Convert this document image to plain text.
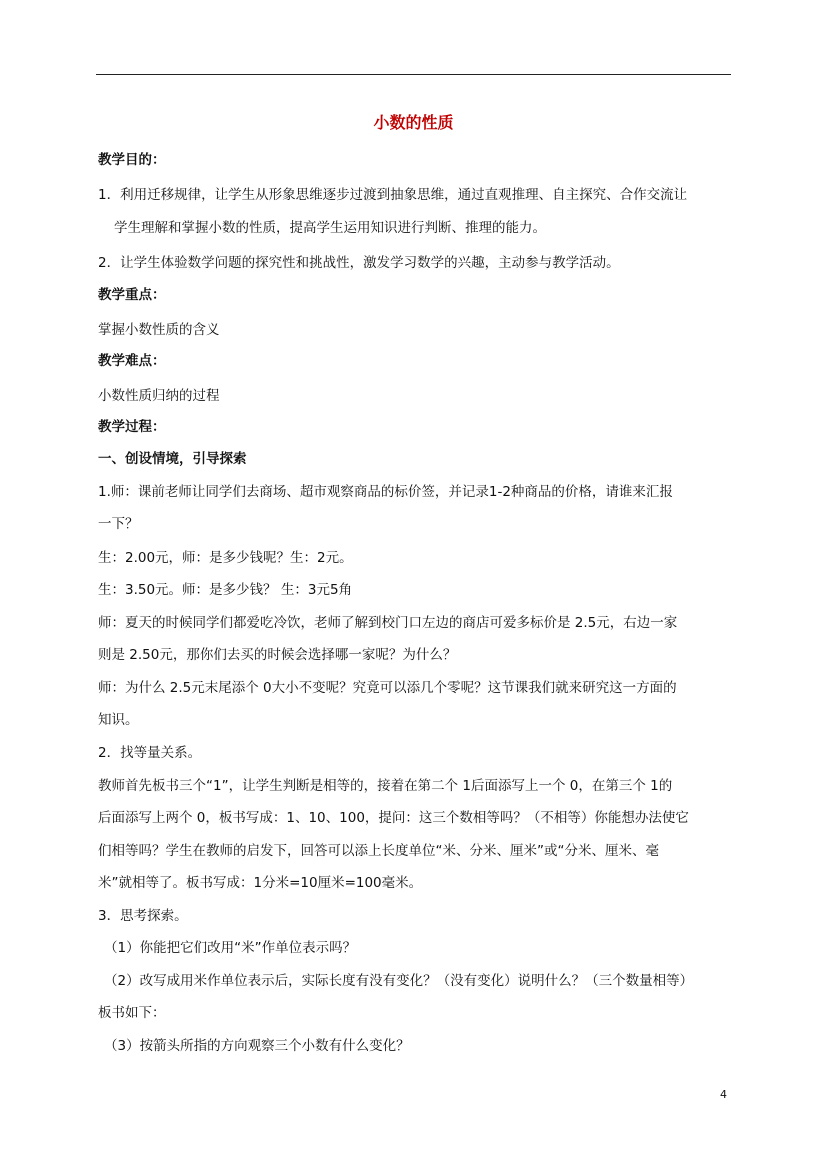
小数的性质
教学目的：
1．利用迁移规律，让学生从形象思维逐步过渡到抽象思维，通过直观推理、自主探究、合作交流让
学生理解和掌握小数的性质，提高学生运用知识进行判断、推理的能力。
2．让学生体验数学问题的探究性和挑战性，激发学习数学的兴趣，主动参与教学活动。
教学重点：
掌握小数性质的含义
教学难点：
小数性质归纳的过程
教学过程：
一、创设情境，引导探索
1.师：课前老师让同学们去商场、超市观察商品的标价签，并记录1-2种商品的价格，请谁来汇报
一下？
生：2.00元，师：是多少钱呢？生：2元。
生：3.50元。师：是多少钱？ 生：3元5角
师：夏天的时候同学们都爱吃冷饮，老师了解到校门口左边的商店可爱多标价是 2.5元，右边一家
则是 2.50元，那你们去买的时候会选择哪一家呢？为什么？
师：为什么 2.5元末尾添个 0大小不变呢？究竟可以添几个零呢？这节课我们就来研究这一方面的
知识。
2．找等量关系。
教师首先板书三个“1”，让学生判断是相等的，接着在第二个 1后面添写上一个 0，在第三个 1的
后面添写上两个 0，板书写成：1、10、100，提问：这三个数相等吗？（不相等）你能想办法使它
们相等吗？学生在教师的启发下，回答可以添上长度单位“米、分米、厘米”或“分米、厘米、毫
米”就相等了。板书写成：1分米=10厘米=100毫米。
3．思考探索。
（1）你能把它们改用“米”作单位表示吗？
（2）改写成用米作单位表示后，实际长度有没有变化？（没有变化）说明什么？（三个数量相等）
板书如下：
（3）按箭头所指的方向观察三个小数有什么变化？
4
